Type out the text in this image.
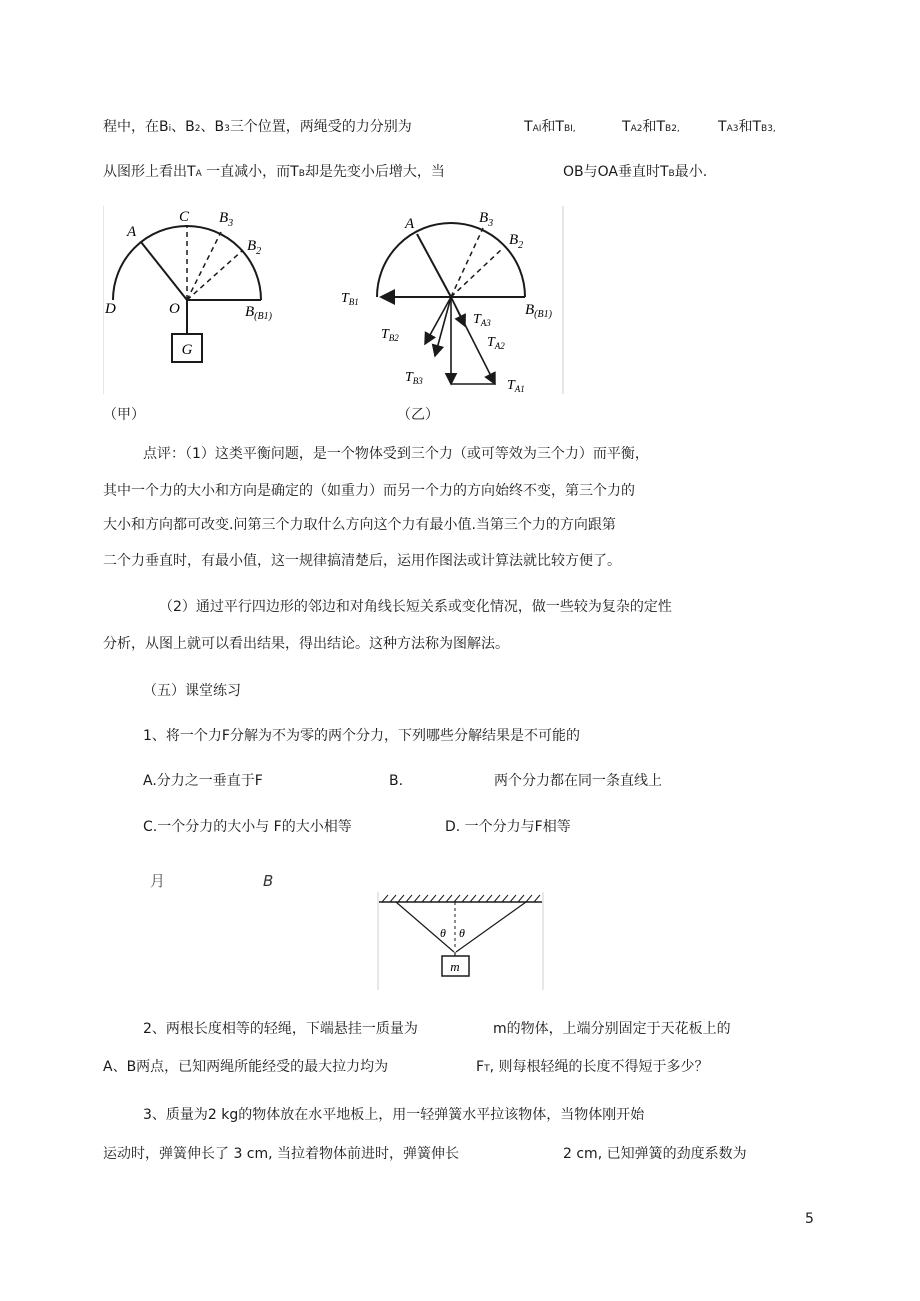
程中，在Bi、B2、B3三个位置，两绳受的力分别为	TAI和TBI,	TA2和TB2,	TA3和TB3,
从图形上看出TA 一直减小，而TB却是先变小后增大，当	OB与OA垂直时TB最小.
G
A
C $B_3$
$B_2$
D	O	$B_{(B1)}$
A	$B_3$
$B_2$
$B_{(B1)}$
$T_{B1}$
$T_{B2}$
$T_{B3}$
$T_{A3}$
$T_{A2}$
$T_{A1}$
（甲）	（乙）
点评：（1）这类平衡问题，是一个物体受到三个力（或可等效为三个力）而平衡，
其中一个力的大小和方向是确定的（如重力）而另一个力的方向始终不变，第三个力的
大小和方向都可改变.问第三个力取什么方向这个力有最小值.当第三个力的方向跟第
二个力垂直时，有最小值，这一规律搞清楚后，运用作图法或计算法就比较方便了。
（2）通过平行四边形的邻边和对角线长短关系或变化情况，做一些较为复杂的定性
分析，从图上就可以看出结果，得出结论。这种方法称为图解法。
（五）课堂练习
1、将一个力F分解为不为零的两个分力，下列哪些分解结果是不可能的
A.分力之一垂直于F	B.	两个分力都在同一条直线上
C.一个分力的大小与 F的大小相等	D. 一个分力与F相等
月	B
θ θ
m
2、两根长度相等的轻绳，下端悬挂一质量为	m的物体，上端分别固定于天花板上的
A、B两点，已知两绳所能经受的最大拉力均为	FT, 则每根轻绳的长度不得短于多少？
3、质量为2 kg的物体放在水平地板上，用一轻弹簧水平拉该物体，当物体刚开始
运动时，弹簧伸长了 3 cm, 当拉着物体前进时，弹簧伸长	2 cm, 已知弹簧的劲度系数为
5
